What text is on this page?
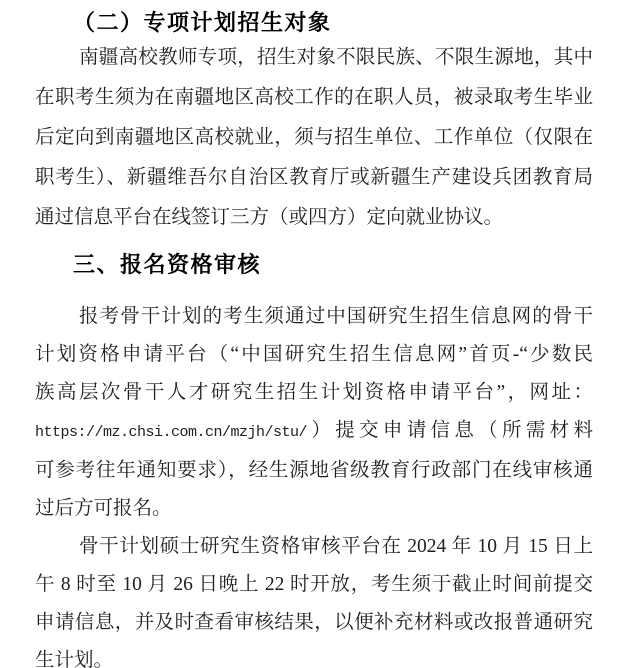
（二）专项计划招生对象
南疆高校教师专项，招生对象不限民族、不限生源地，其中
在职考生须为在南疆地区高校工作的在职人员，被录取考生毕业
后定向到南疆地区高校就业，须与招生单位、工作单位（仅限在
职考生）、新疆维吾尔自治区教育厅或新疆生产建设兵团教育局
通过信息平台在线签订三方（或四方）定向就业协议。
三、报名资格审核
报考骨干计划的考生须通过中国研究生招生信息网的骨干
计划资格申请平台（“中国研究生招生信息网”首页-“少数民
族高层次骨干人才研究生招生计划资格申请平台”，网址：
https://mz.chsi.com.cn/mzjh/stu/）提交申请信息（所需材料
可参考往年通知要求），经生源地省级教育行政部门在线审核通
过后方可报名。
骨干计划硕士研究生资格审核平台在 2024 年 10 月 15 日上
午 8 时至 10 月 26 日晚上 22 时开放，考生须于截止时间前提交
申请信息，并及时查看审核结果，以便补充材料或改报普通研究
生计划。
